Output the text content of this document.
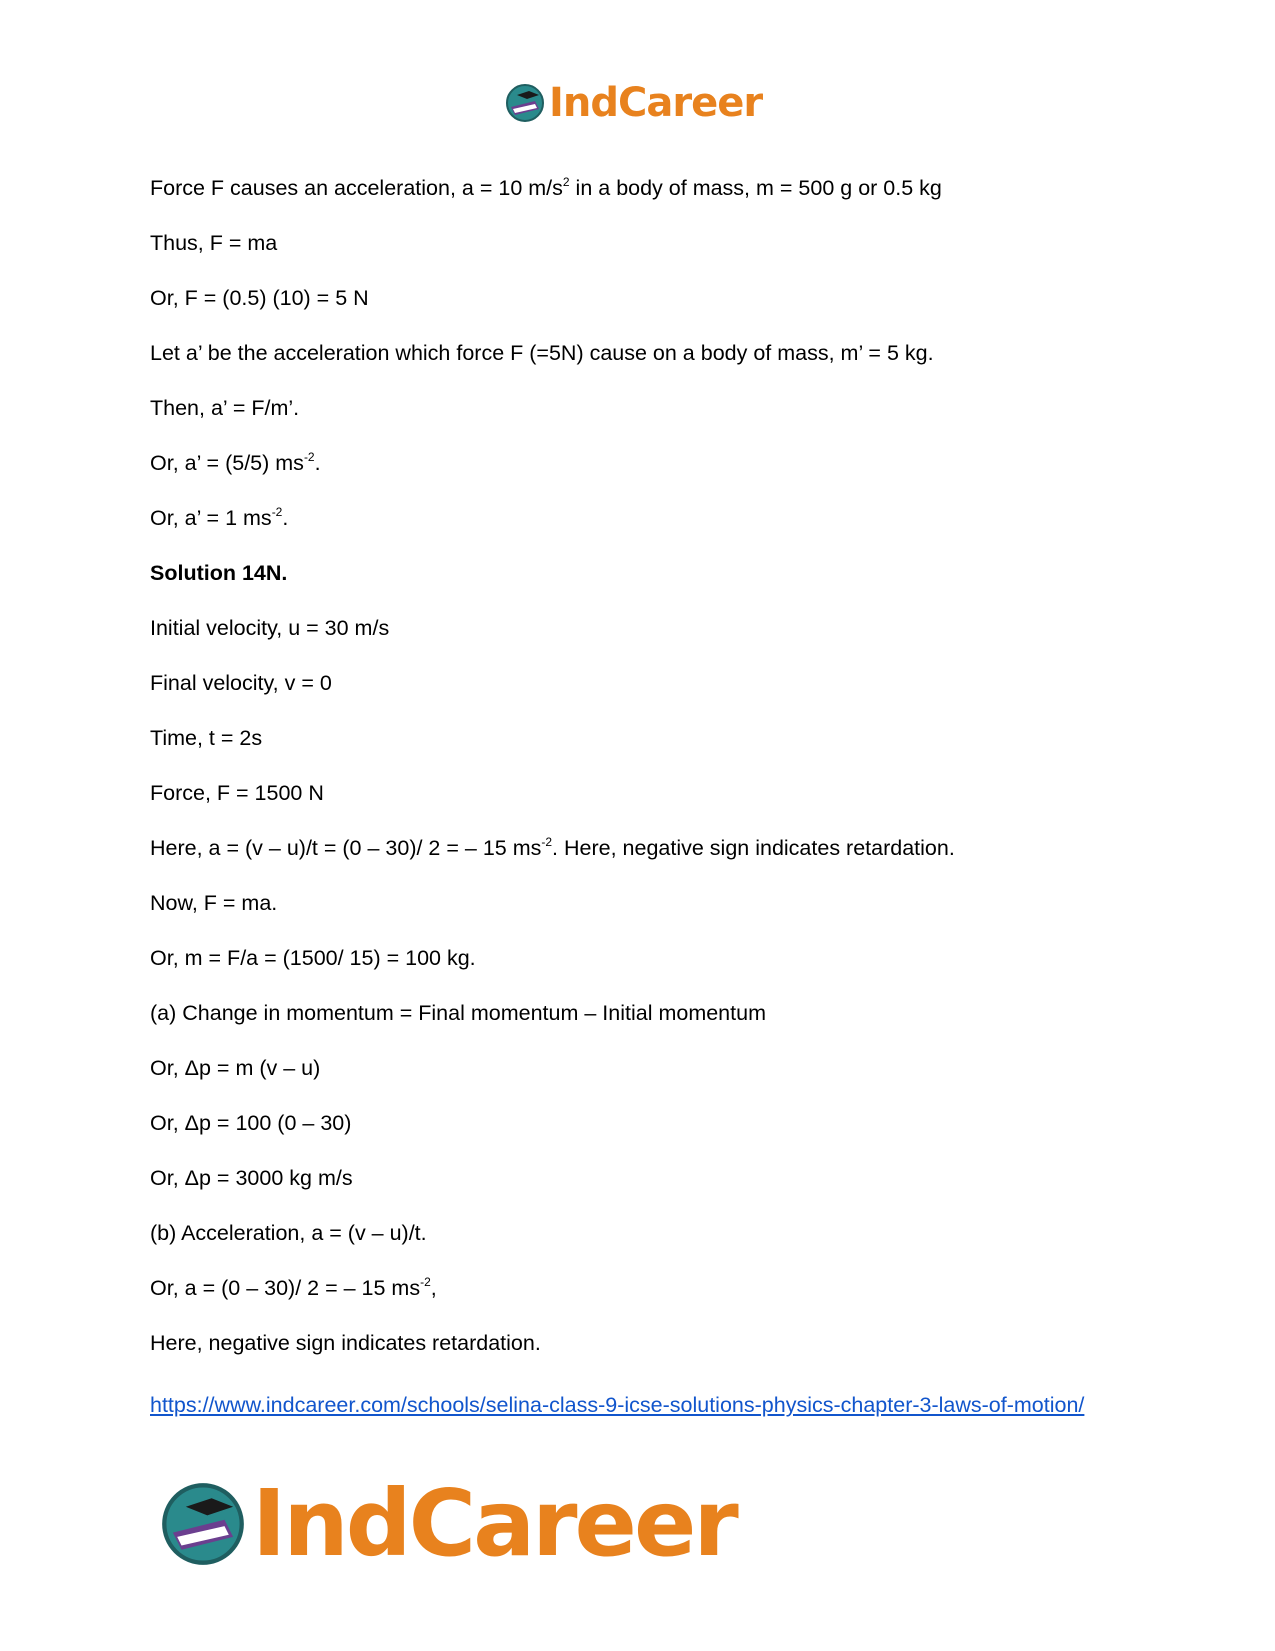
IndCareer
Force F causes an acceleration, a = 10 $m/s^2$ in a body of mass, m = 500 g or 0.5 kg
Thus, F = ma
Or, F = (0.5) (10) = 5 N
Let a’ be the acceleration which force F (=5N) cause on a body of mass, m’ = 5 kg.
Then, a’ = F/m’.
Or, a’ = (5/5) $ms^{-2}$.
Or, a’ = 1 $ms^{-2}$.
Solution 14N.
Initial velocity, u = 30 m/s
Final velocity, v = 0
Time, t = 2s
Force, F = 1500 N
Here, a = (v – u)/t = (0 – 30)/ 2 = – 15 $ms^{-2}$. Here, negative sign indicates retardation.
Now, F = ma.
Or, m = F/a = (1500/ 15) = 100 kg.
(a) Change in momentum = Final momentum – Initial momentum
Or, Δp = m (v – u)
Or, Δp = 100 (0 – 30)
Or, Δp = 3000 kg m/s
(b) Acceleration, a = (v – u)/t.
Or, a = (0 – 30)/ 2 = – 15 $ms^{-2}$,
Here, negative sign indicates retardation.
https://www.indcareer.com/schools/selina-class-9-icse-solutions-physics-chapter-3-laws-of-motion/
IndCareer
